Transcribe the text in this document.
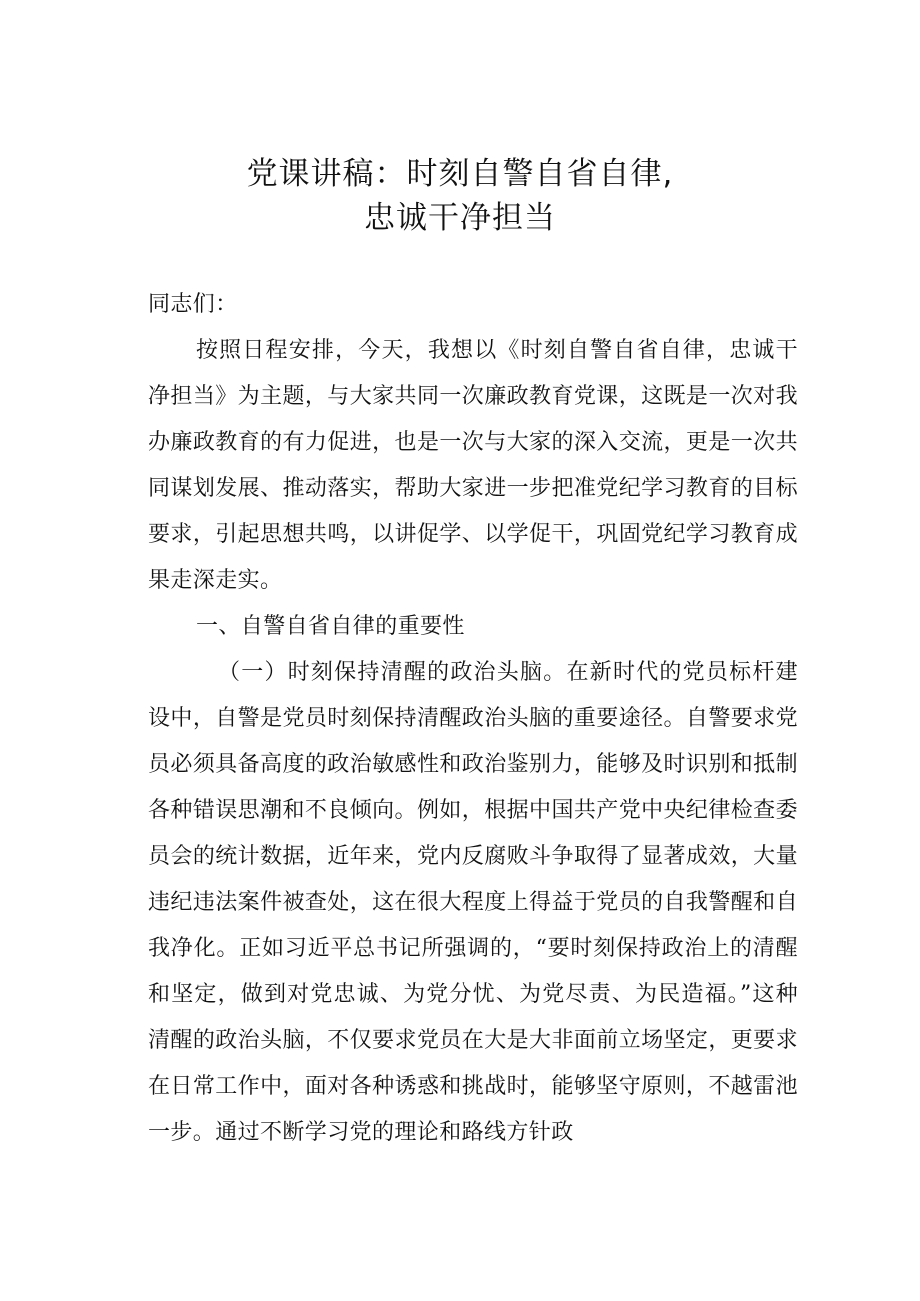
党课讲稿：时刻自警自省自律,
忠诚干净担当

同志们：

按照日程安排，今天，我想以《时刻自警自省自律，忠诚干净担当》为主题，与大家共同一次廉政教育党课，这既是一次对我办廉政教育的有力促进，也是一次与大家的深入交流，更是一次共同谋划发展、推动落实，帮助大家进一步把准党纪学习教育的目标要求，引起思想共鸣，以讲促学、以学促干，巩固党纪学习教育成果走深走实。

一、自警自省自律的重要性

（一）时刻保持清醒的政治头脑。在新时代的党员标杆建设中，自警是党员时刻保持清醒政治头脑的重要途径。自警要求党员必须具备高度的政治敏感性和政治鉴别力，能够及时识别和抵制各种错误思潮和不良倾向。例如，根据中国共产党中央纪律检查委员会的统计数据，近年来，党内反腐败斗争取得了显著成效，大量违纪违法案件被查处，这在很大程度上得益于党员的自我警醒和自我净化。正如习近平总书记所强调的，“要时刻保持政治上的清醒和坚定，做到对党忠诚、为党分忧、为党尽责、为民造福。”这种清醒的政治头脑，不仅要求党员在大是大非面前立场坚定，更要求在日常工作中，面对各种诱惑和挑战时，能够坚守原则，不越雷池一步。通过不断学习党的理论和路线方针政
